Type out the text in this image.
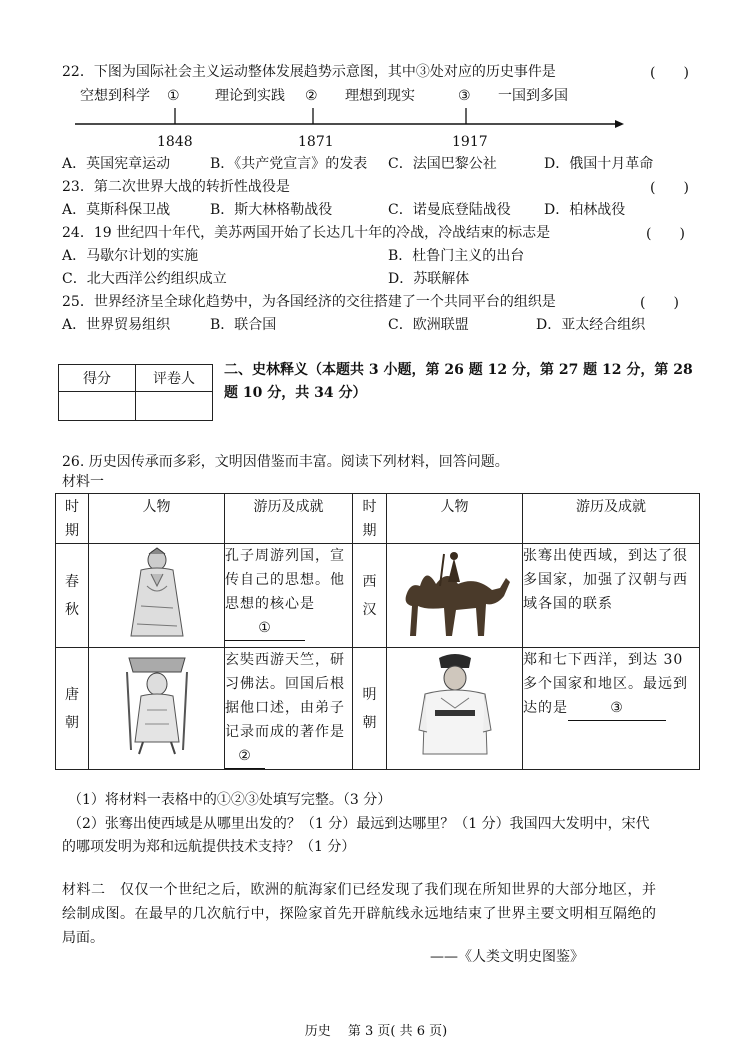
22．下图为国际社会主义运动整体发展趋势示意图，其中③处对应的历史事件是	(　　)
空想到科学 ①	理论到实践 ② 理想到现实	③ 一国到多国
1848	1871	1917
A．英国宪章运动	B．《共产党宣言》的发表 C．法国巴黎公社	D．俄国十月革命
23．第二次世界大战的转折性战役是	(　　)
A．莫斯科保卫战	B．斯大林格勒战役	C．诺曼底登陆战役 D．柏林战役
24．19 世纪四十年代，美苏两国开始了长达几十年的冷战，冷战结束的标志是	(　　)
A．马歇尔计划的实施	B．杜鲁门主义的出台
C．北大西洋公约组织成立	D．苏联解体
25．世界经济呈全球化趋势中，为各国经济的交往搭建了一个共同平台的组织是	(　　)
A．世界贸易组织	B．联合国	C．欧洲联盟	D．亚太经合组织
得分	评卷人

二、史林释义（本题共 3 小题，第 26 题 12 分，第 27 题 12 分，第 28
题 10 分，共 34 分）
26. 历史因传承而多彩，文明因借鉴而丰富。阅读下列材料，回答问题。
材料一
时期	人物	游历及成就	时期	人物	游历及成就

春秋		孔子周游列国，宣传自己的思想。他思想的核心是①	西汉		张骞出使西域，到达了很多国家，加强了汉朝与西域各国的联系

唐朝		玄奘西游天竺，研习佛法。回国后根据他口述，由弟子记录而成的著作是②	明朝		郑和七下西洋，到达 30 多个国家和地区。最远到达的是 ③
（1）将材料一表格中的①②③处填写完整。（3 分）
（2）张骞出使西域是从哪里出发的？（1 分）最远到达哪里？（1 分）我国四大发明中，宋代
的哪项发明为郑和远航提供技术支持？（1 分）
材料二　仅仅一个世纪之后，欧洲的航海家们已经发现了我们现在所知世界的大部分地区，并
绘制成图。在最早的几次航行中，探险家首先开辟航线永远地结束了世界主要文明相互隔绝的
局面。
——《人类文明史图鉴》
历史　 第 3 页( 共 6 页)
